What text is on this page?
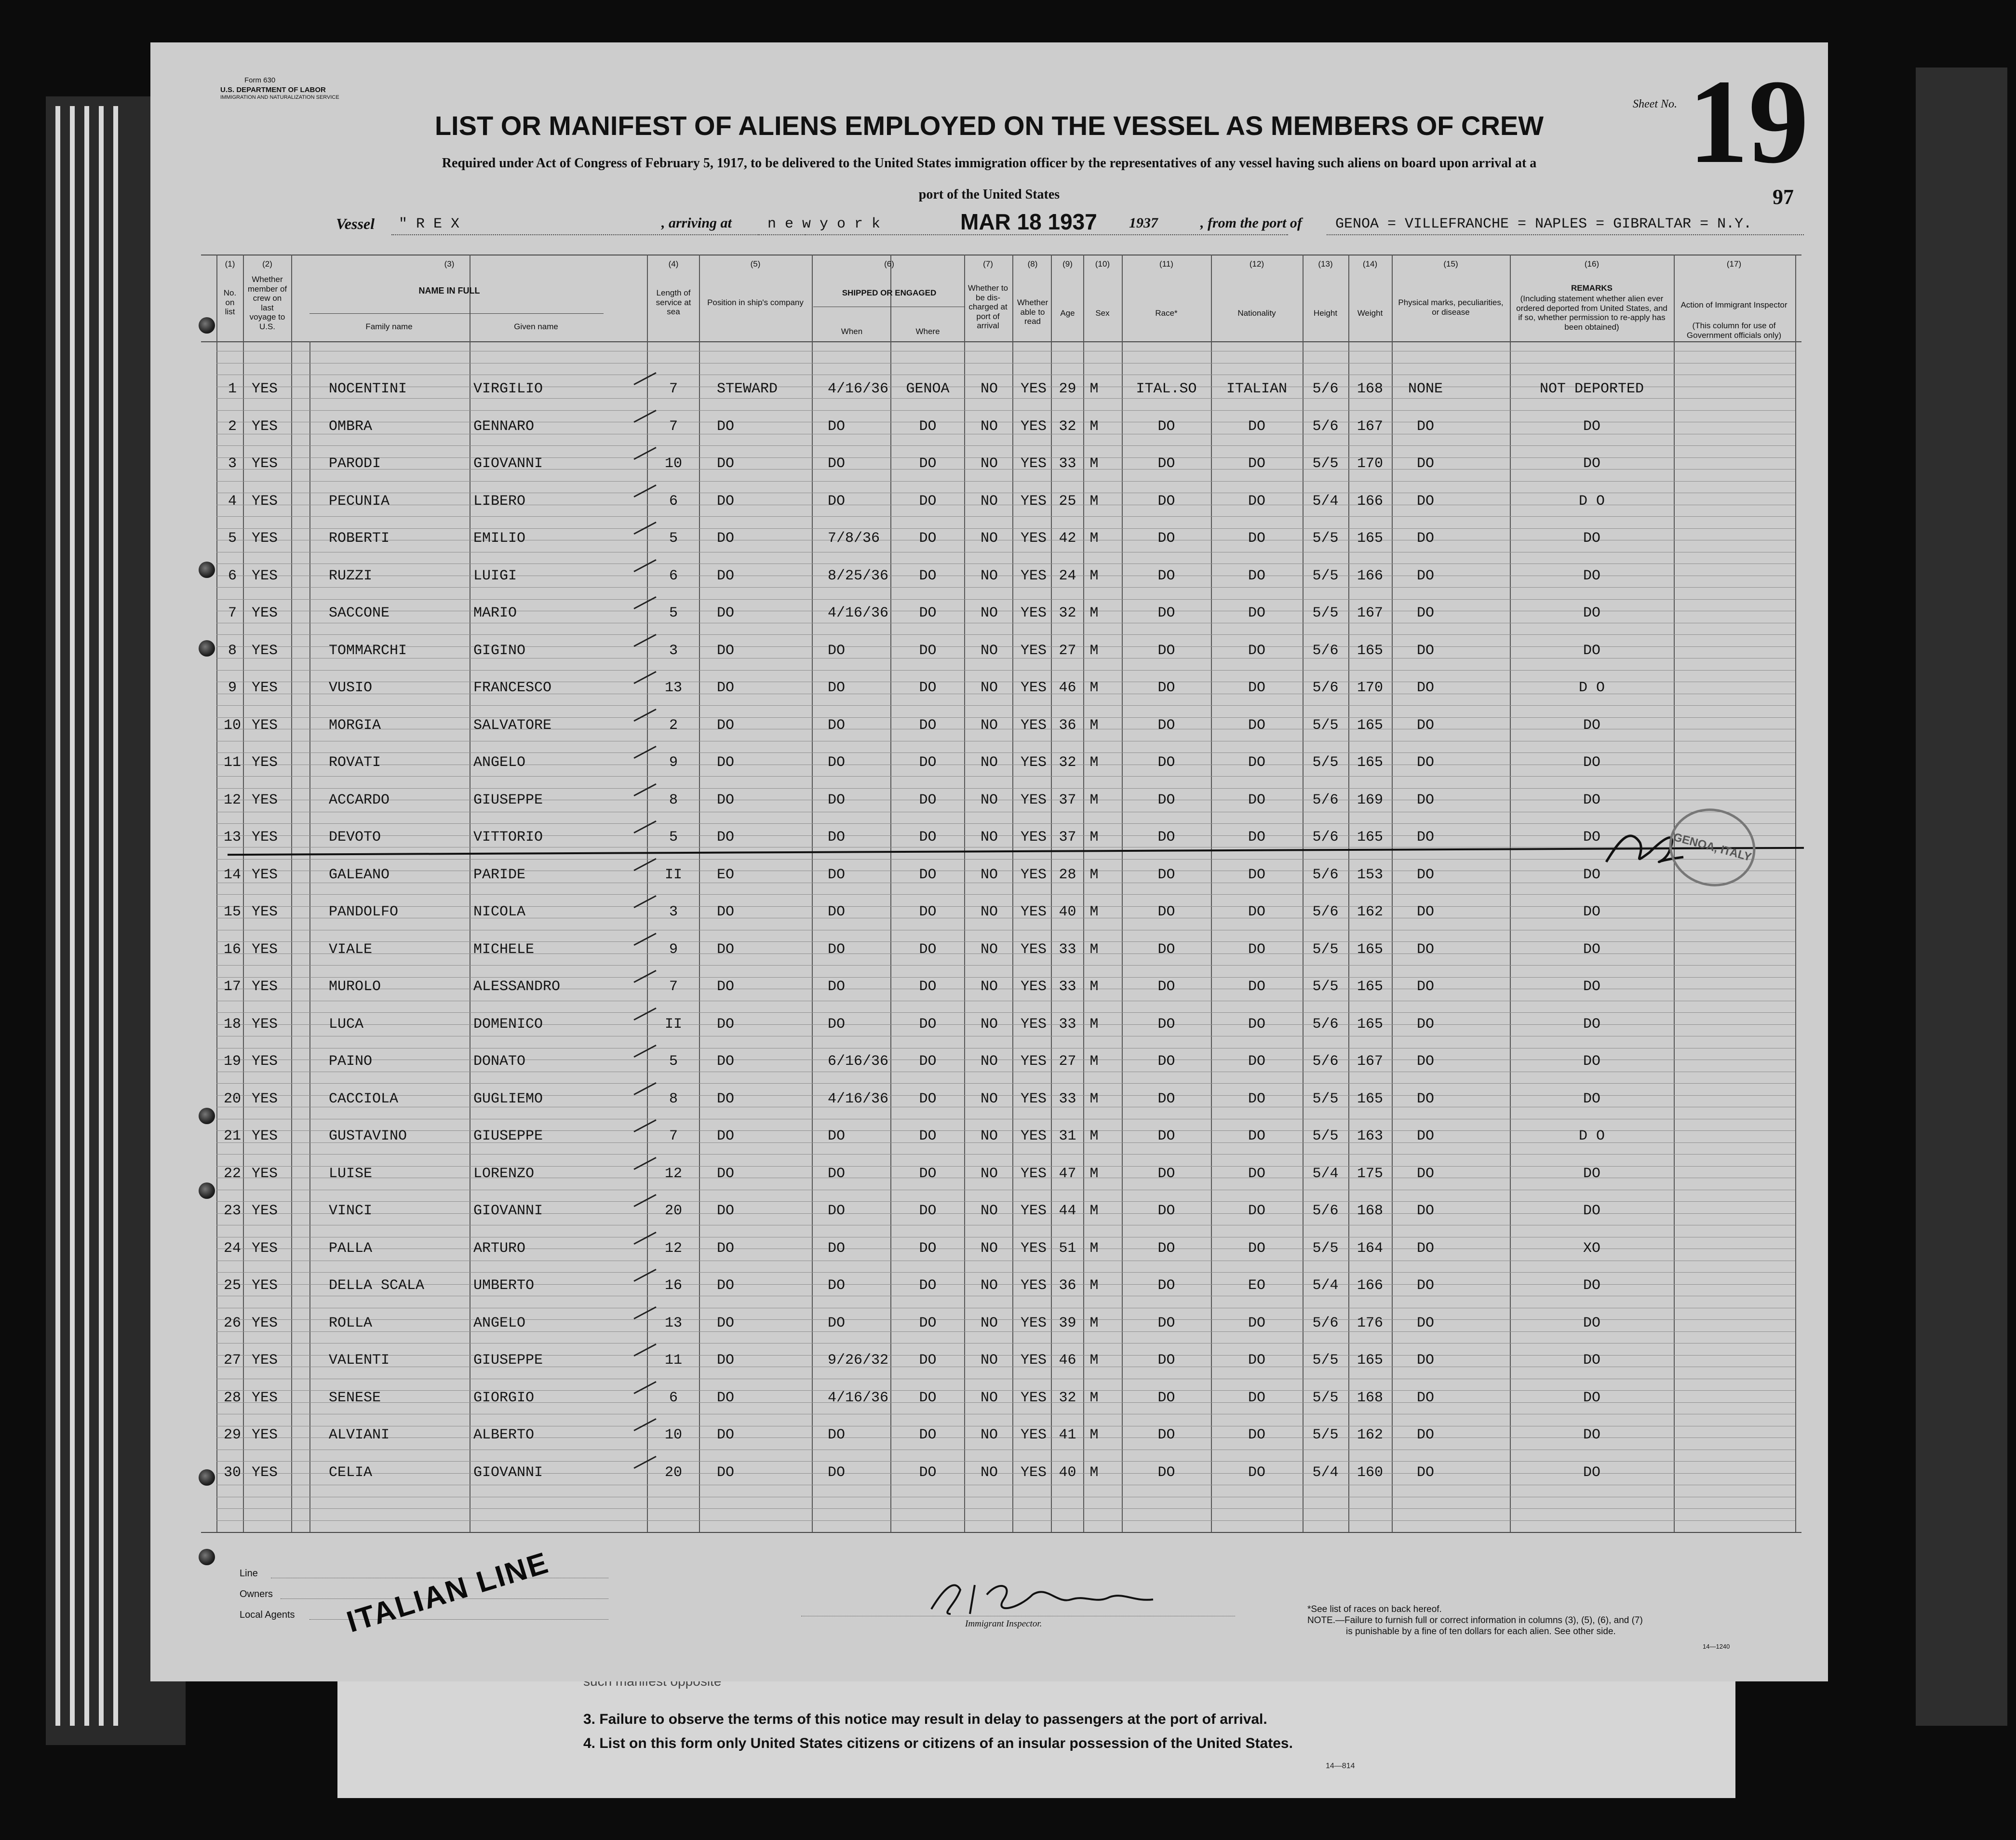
3. Failure to observe the terms of this notice may result in delay to passengers at the port of arrival.
4. List on this form only United States citizens or citizens of an insular possession of the United States.
14—814
Form 630
U.S. DEPARTMENT OF LABOR
IMMIGRATION AND NATURALIZATION SERVICE
LIST OR MANIFEST OF ALIENS EMPLOYED ON THE VESSEL AS MEMBERS OF CREW
Required under Act of Congress of February 5, 1917, to be delivered to the United States immigration officer by the representatives of any vessel having such aliens on board upon arrival at a
port of the United States
Sheet No. 19
97
Vessel " R E X	, arriving at n e w y o r k	MAR 18 1937 1937	, from the port of GENOA = VILLEFRANCHE = NAPLES = GIBRALTAR = N.Y.
(1)	(2)	(3)	(4)	(5)	(6)	(7)	(8)	(9)	(10)	(11)	(12)	(13)	(14)	(15)	(16)	(17)
No. on list
Whether member of crew on last voyage to U.S.
NAME IN FULL
Family name	Given name
Length of service at sea
Position in ship's company
SHIPPED OR ENGAGED
When	Where
Whether to be dis-charged at port of arrival
Whether able to read
Age	Sex	Race*	Nationality	Height	Weight
Physical marks, peculiarities, or disease
REMARKS
(Including statement whether alien ever ordered deported from United States, and if so, whether permission to re-apply has been obtained)
Action of Immigrant Inspector
(This column for use of Government officials only)
1	YES	NOCENTINI	VIRGILIO	7	STEWARD	4/16/36	GENOA	NO	YES 29 M	ITAL.SO	ITALIAN	5/6	168	NONE	NOT DEPORTED
2	YES	OMBRA	GENNARO	7	DO	DO	DO	NO	YES 32 M	DO	DO	5/6	167	DO	DO
3	YES	PARODI	GIOVANNI	10	DO	DO	DO	NO	YES 33 M	DO	DO	5/5	170	DO	DO
4	YES	PECUNIA	LIBERO	6	DO	DO	DO	NO	YES 25 M	DO	DO	5/4	166	DO	D O
5	YES	ROBERTI	EMILIO	5	DO	7/8/36	DO	NO	YES 42 M	DO	DO	5/5	165	DO	DO
6	YES	RUZZI	LUIGI	6	DO	8/25/36	DO	NO	YES 24 M	DO	DO	5/5	166	DO	DO
7	YES	SACCONE	MARIO	5	DO	4/16/36	DO	NO	YES 32 M	DO	DO	5/5	167	DO	DO
8	YES	TOMMARCHI	GIGINO	3	DO	DO	DO	NO	YES 27 M	DO	DO	5/6	165	DO	DO
9	YES	VUSIO	FRANCESCO	13	DO	DO	DO	NO	YES 46 M	DO	DO	5/6	170	DO	D O
10 YES	MORGIA	SALVATORE	2	DO	DO	DO	NO	YES 36 M	DO	DO	5/5	165	DO	DO
11 YES	ROVATI	ANGELO	9	DO	DO	DO	NO	YES 32 M	DO	DO	5/5	165	DO	DO
12 YES	ACCARDO	GIUSEPPE	8	DO	DO	DO	NO	YES 37 M	DO	DO	5/6	169	DO	DO
13 YES	DEVOTO	VITTORIO	5	DO	DO	DO	NO	YES 37 M	DO	DO	5/6	165	DO	DO
14 YES	GALEANO	PARIDE	II	EO	DO	DO	NO	YES 28 M	DO	DO	5/6	153	DO	DO
15 YES	PANDOLFO	NICOLA	3	DO	DO	DO	NO	YES 40 M	DO	DO	5/6	162	DO	DO
16 YES	VIALE	MICHELE	9	DO	DO	DO	NO	YES 33 M	DO	DO	5/5	165	DO	DO
17 YES	MUROLO	ALESSANDRO	7	DO	DO	DO	NO	YES 33 M	DO	DO	5/5	165	DO	DO
18 YES	LUCA	DOMENICO	II	DO	DO	DO	NO	YES 33 M	DO	DO	5/6	165	DO	DO
19 YES	PAINO	DONATO	5	DO	6/16/36	DO	NO	YES 27 M	DO	DO	5/6	167	DO	DO
20 YES	CACCIOLA	GUGLIEMO	8	DO	4/16/36	DO	NO	YES 33 M	DO	DO	5/5	165	DO	DO
21 YES	GUSTAVINO	GIUSEPPE	7	DO	DO	DO	NO	YES 31 M	DO	DO	5/5	163	DO	D O
22 YES	LUISE	LORENZO	12	DO	DO	DO	NO	YES 47 M	DO	DO	5/4	175	DO	DO
23 YES	VINCI	GIOVANNI	20	DO	DO	DO	NO	YES 44 M	DO	DO	5/6	168	DO	DO
24 YES	PALLA	ARTURO	12	DO	DO	DO	NO	YES 51 M	DO	DO	5/5	164	DO	XO
25 YES	DELLA SCALA	UMBERTO	16	DO	DO	DO	NO	YES 36 M	DO	EO	5/4	166	DO	DO
26 YES	ROLLA	ANGELO	13	DO	DO	DO	NO	YES 39 M	DO	DO	5/6	176	DO	DO
27 YES	VALENTI	GIUSEPPE	11	DO	9/26/32	DO	NO	YES 46 M	DO	DO	5/5	165	DO	DO
28 YES	SENESE	GIORGIO	6	DO	4/16/36	DO	NO	YES 32 M	DO	DO	5/5	168	DO	DO
29 YES	ALVIANI	ALBERTO	10	DO	DO	DO	NO	YES 41 M	DO	DO	5/5	162	DO	DO
30 YES	CELIA	GIOVANNI	20	DO	DO	DO	NO	YES 40 M	DO	DO	5/4	160	DO	DO
GENOA, ITALY
Line
Owners
Local Agents ITALIAN LINE	Immigrant Inspector.
*See list of races on back hereof.
NOTE.—Failure to furnish full or correct information in columns (3), (5), (6), and (7)
is punishable by a fine of ten dollars for each alien. See other side.
14—1240
